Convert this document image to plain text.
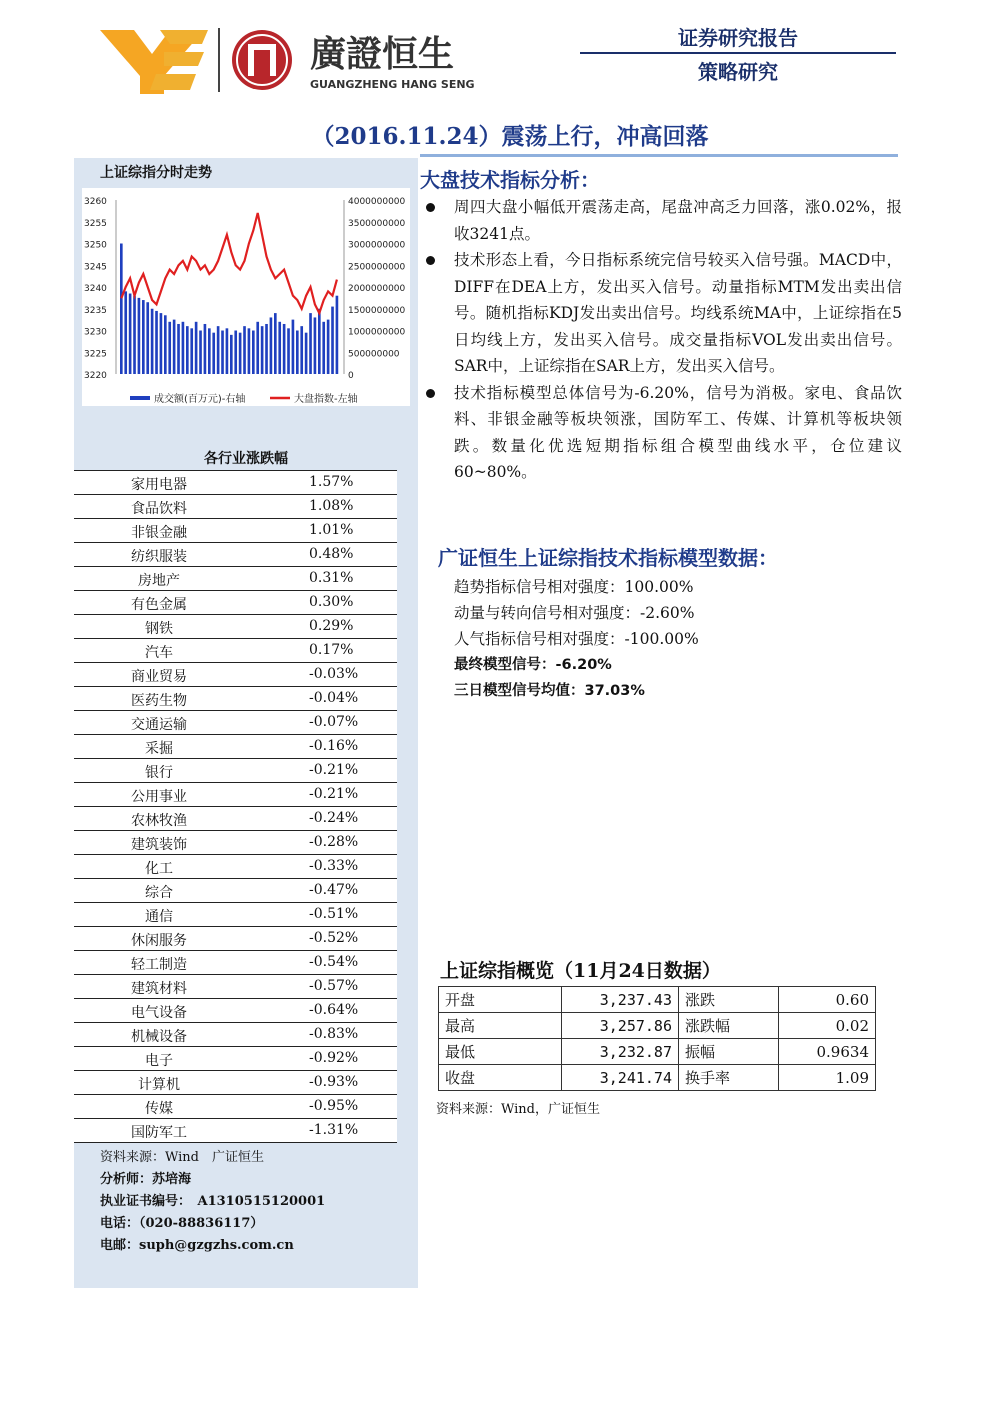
廣證恒生
GUANGZHENG HANG SENG
证券研究报告
策略研究
（2016.11.24）震荡上行，冲高回落
上证综指分时走势
3260
3255
3250
3245
3240
3235
3230
3225
3220
4000000000
3500000000
3000000000
2500000000
2000000000
1500000000
1000000000
500000000
0
成交额(百万元)-右轴	大盘指数-左轴
各行业涨跌幅
家用电器	1.57%

食品饮料	1.08%

非银金融	1.01%

纺织服装	0.48%

房地产	0.31%

有色金属	0.30%

钢铁	0.29%

汽车	0.17%

商业贸易	-0.03%

医药生物	-0.04%

交通运输	-0.07%

采掘	-0.16%

银行	-0.21%

公用事业	-0.21%

农林牧渔	-0.24%

建筑装饰	-0.28%

化工	-0.33%

综合	-0.47%

通信	-0.51%

休闲服务	-0.52%

轻工制造	-0.54%

建筑材料	-0.57%

电气设备	-0.64%

机械设备	-0.83%

电子	-0.92%

计算机	-0.93%

传媒	-0.95%

国防军工	-1.31%
资料来源：Wind　广证恒生
分析师：苏培海
执业证书编号：　A1310515120001
电话：（020-88836117）
电邮：suph@gzgzhs.com.cn
大盘技术指标分析：
周四大盘小幅低开震荡走高，尾盘冲高乏力回落，涨0.02%，报收3241点。
技术形态上看，今日指标系统完信号较买入信号强。MACD中，DIFF在DEA上方，发出买入信号。动量指标MTM发出卖出信号。随机指标KDJ发出卖出信号。均线系统MA中，上证综指在5日均线上方，发出买入信号。成交量指标VOL发出卖出信号。SAR中，上证综指在SAR上方，发出买入信号。
技术指标模型总体信号为-6.20%，信号为消极。家电、食品饮料、非银金融等板块领涨，国防军工、传媒、计算机等板块领跌。数量化优选短期指标组合模型曲线水平，仓位建议60~80%。
广证恒生上证综指技术指标模型数据：
趋势指标信号相对强度：100.00%
动量与转向信号相对强度：-2.60%
人气指标信号相对强度：-100.00%
最终模型信号：-6.20%
三日模型信号均值：37.03%
上证综指概览（11月24日数据）
开盘	3,237.43	涨跌	0.60
最高	3,257.86	涨跌幅	0.02
最低	3,232.87	振幅	0.9634
收盘	3,241.74	换手率	1.09
资料来源：Wind，广证恒生
